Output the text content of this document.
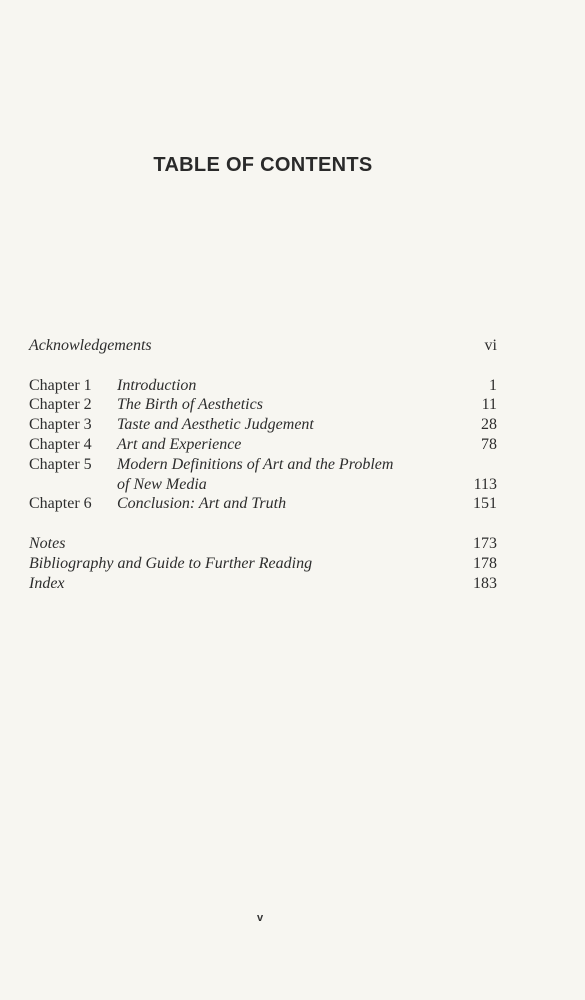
TABLE OF CONTENTS
Acknowledgements	vi
Chapter 1	Introduction	1
Chapter 2	The Birth of Aesthetics	11
Chapter 3	Taste and Aesthetic Judgement	28
Chapter 4	Art and Experience	78
Chapter 5	Modern Definitions of Art and the Problem
of New Media	113
Chapter 6	Conclusion: Art and Truth	151
Notes	173
Bibliography and Guide to Further Reading	178
Index	183
v
